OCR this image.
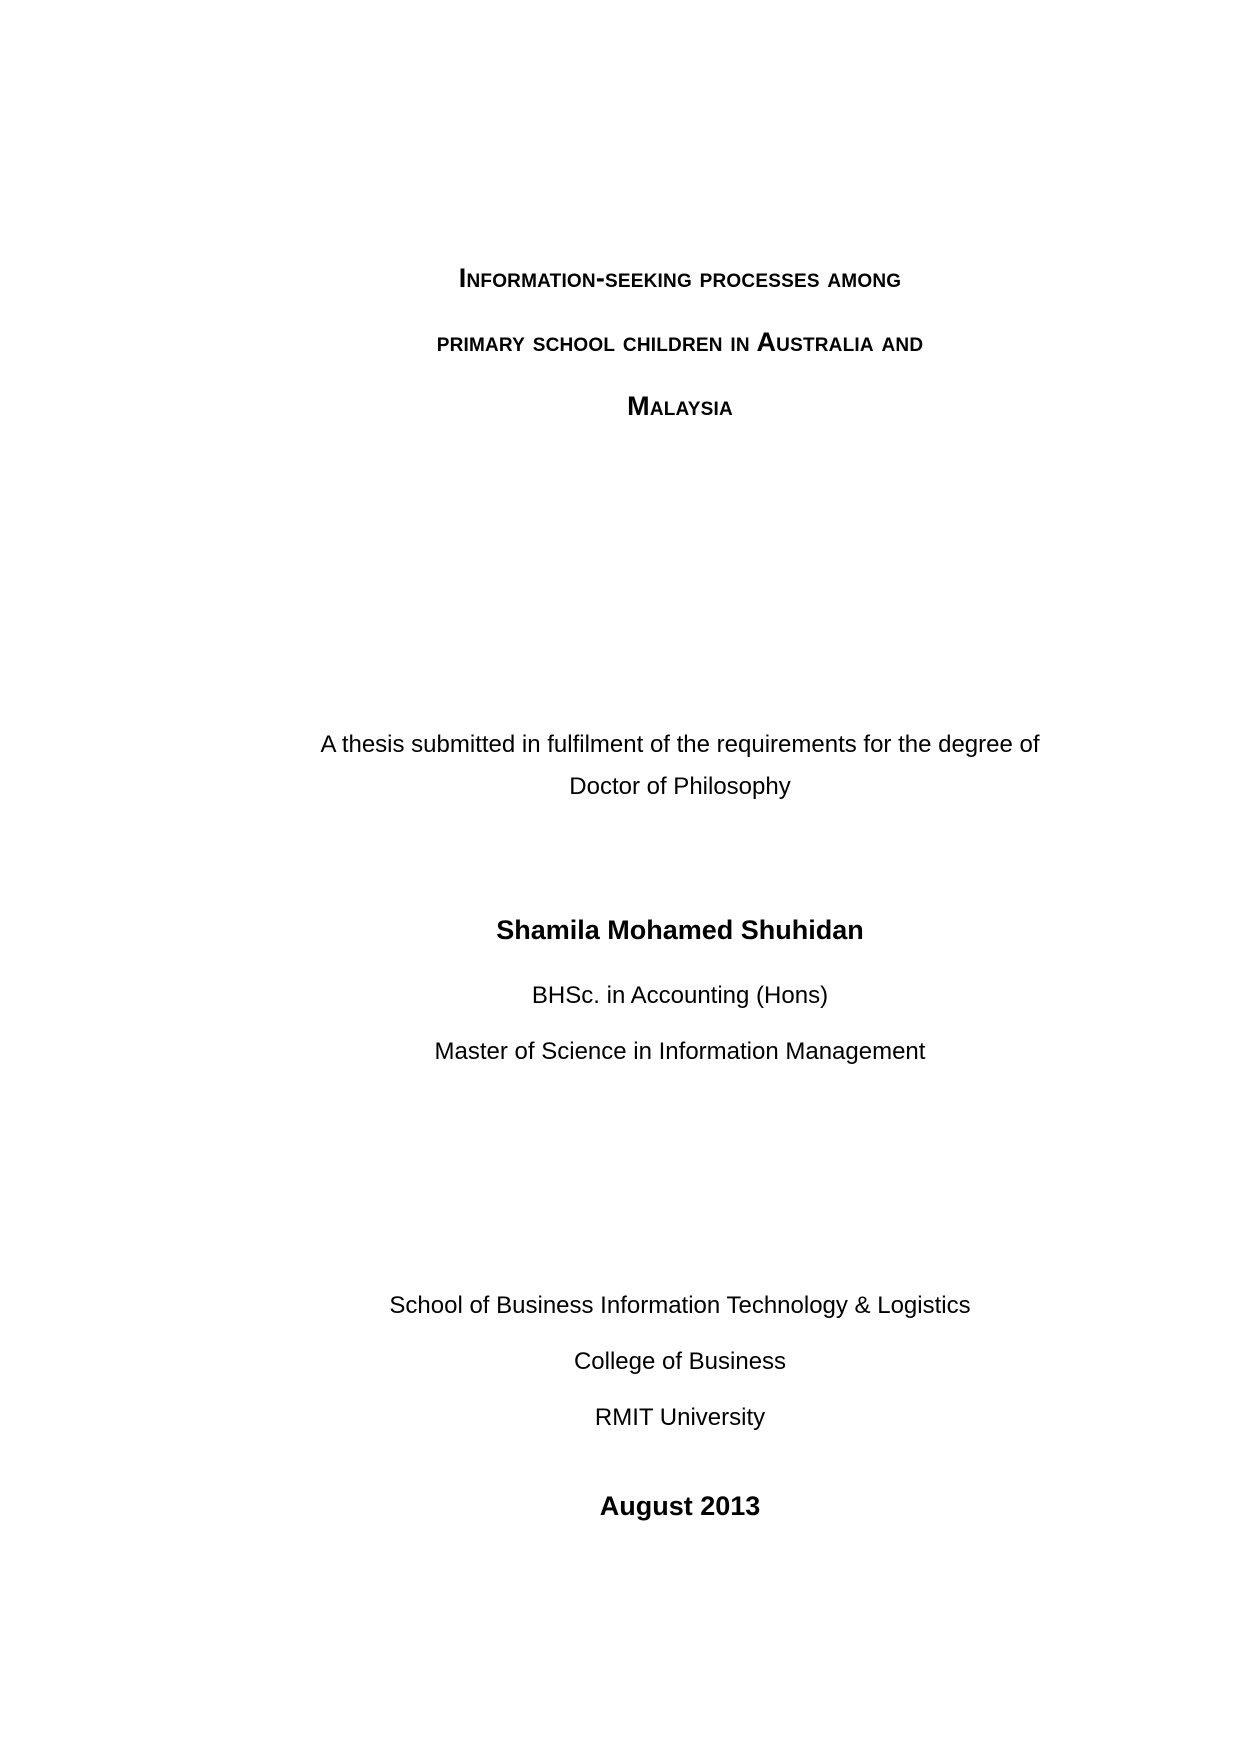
Information-seeking processes among
primary school children in Australia and
Malaysia
A thesis submitted in fulfilment of the requirements for the degree of
Doctor of Philosophy
Shamila Mohamed Shuhidan
BHSc. in Accounting (Hons)
Master of Science in Information Management
School of Business Information Technology & Logistics
College of Business
RMIT University
August 2013
